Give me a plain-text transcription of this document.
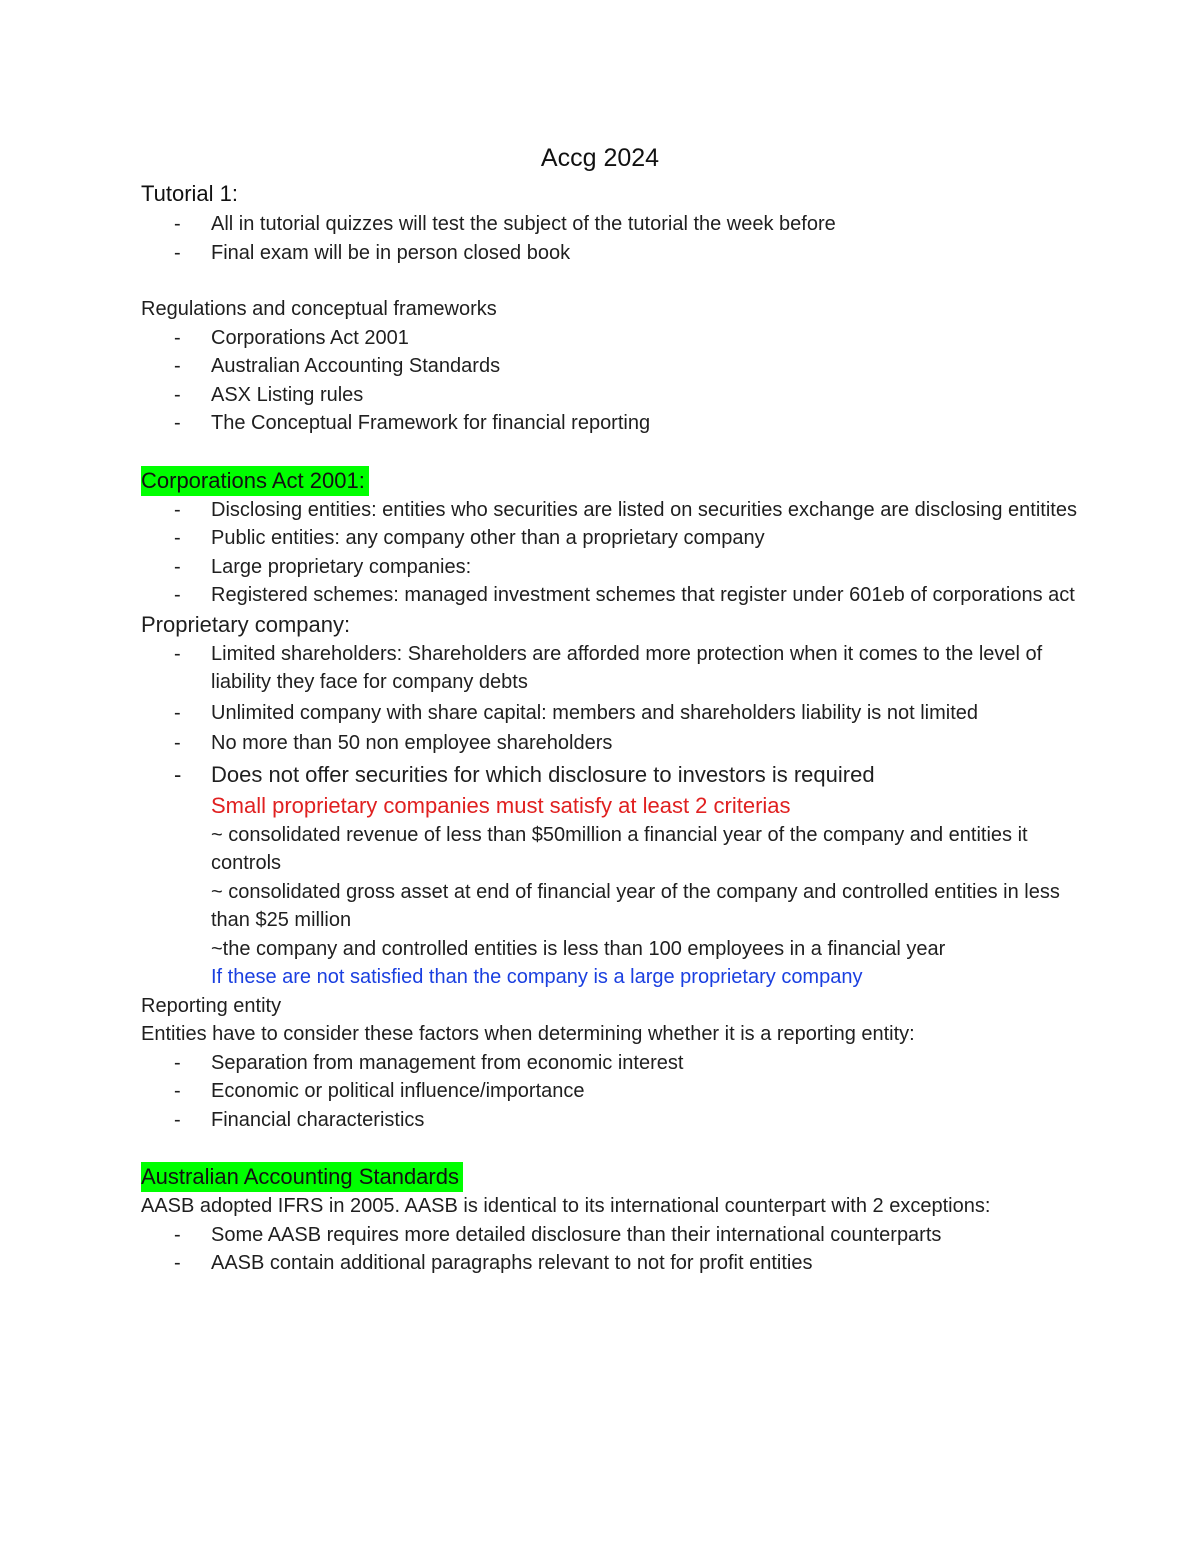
Accg 2024
Tutorial 1:
-	All in tutorial quizzes will test the subject of the tutorial the week before
-	Final exam will be in person closed book
Regulations and conceptual frameworks
-	Corporations Act 2001
-	Australian Accounting Standards
-	ASX Listing rules
-	The Conceptual Framework for financial reporting
Corporations Act 2001:
-	Disclosing entities: entities who securities are listed on securities exchange are disclosing entitites
-	Public entities: any company other than a proprietary company
-	Large proprietary companies:
-	Registered schemes: managed investment schemes that register under 601eb of corporations act
Proprietary company:
-	Limited shareholders: Shareholders are afforded more protection when it comes to the level of liability they face for company debts
-	Unlimited company with share capital: members and shareholders liability is not limited
-	No more than 50 non employee shareholders
-	Does not offer securities for which disclosure to investors is required
Small proprietary companies must satisfy at least 2 criterias
~ consolidated revenue of less than $50million a financial year of the company and entities it controls
~ consolidated gross asset at end of financial year of the company and controlled entities in less than $25 million
~the company and controlled entities is less than 100 employees in a financial year
If these are not satisfied than the company is a large proprietary company
Reporting entity
Entities have to consider these factors when determining whether it is a reporting entity:
-	Separation from management from economic interest
-	Economic or political influence/importance
-	Financial characteristics
Australian Accounting Standards
AASB adopted IFRS in 2005. AASB is identical to its international counterpart with 2 exceptions:
-	Some AASB requires more detailed disclosure than their international counterparts
-	AASB contain additional paragraphs relevant to not for profit entities
